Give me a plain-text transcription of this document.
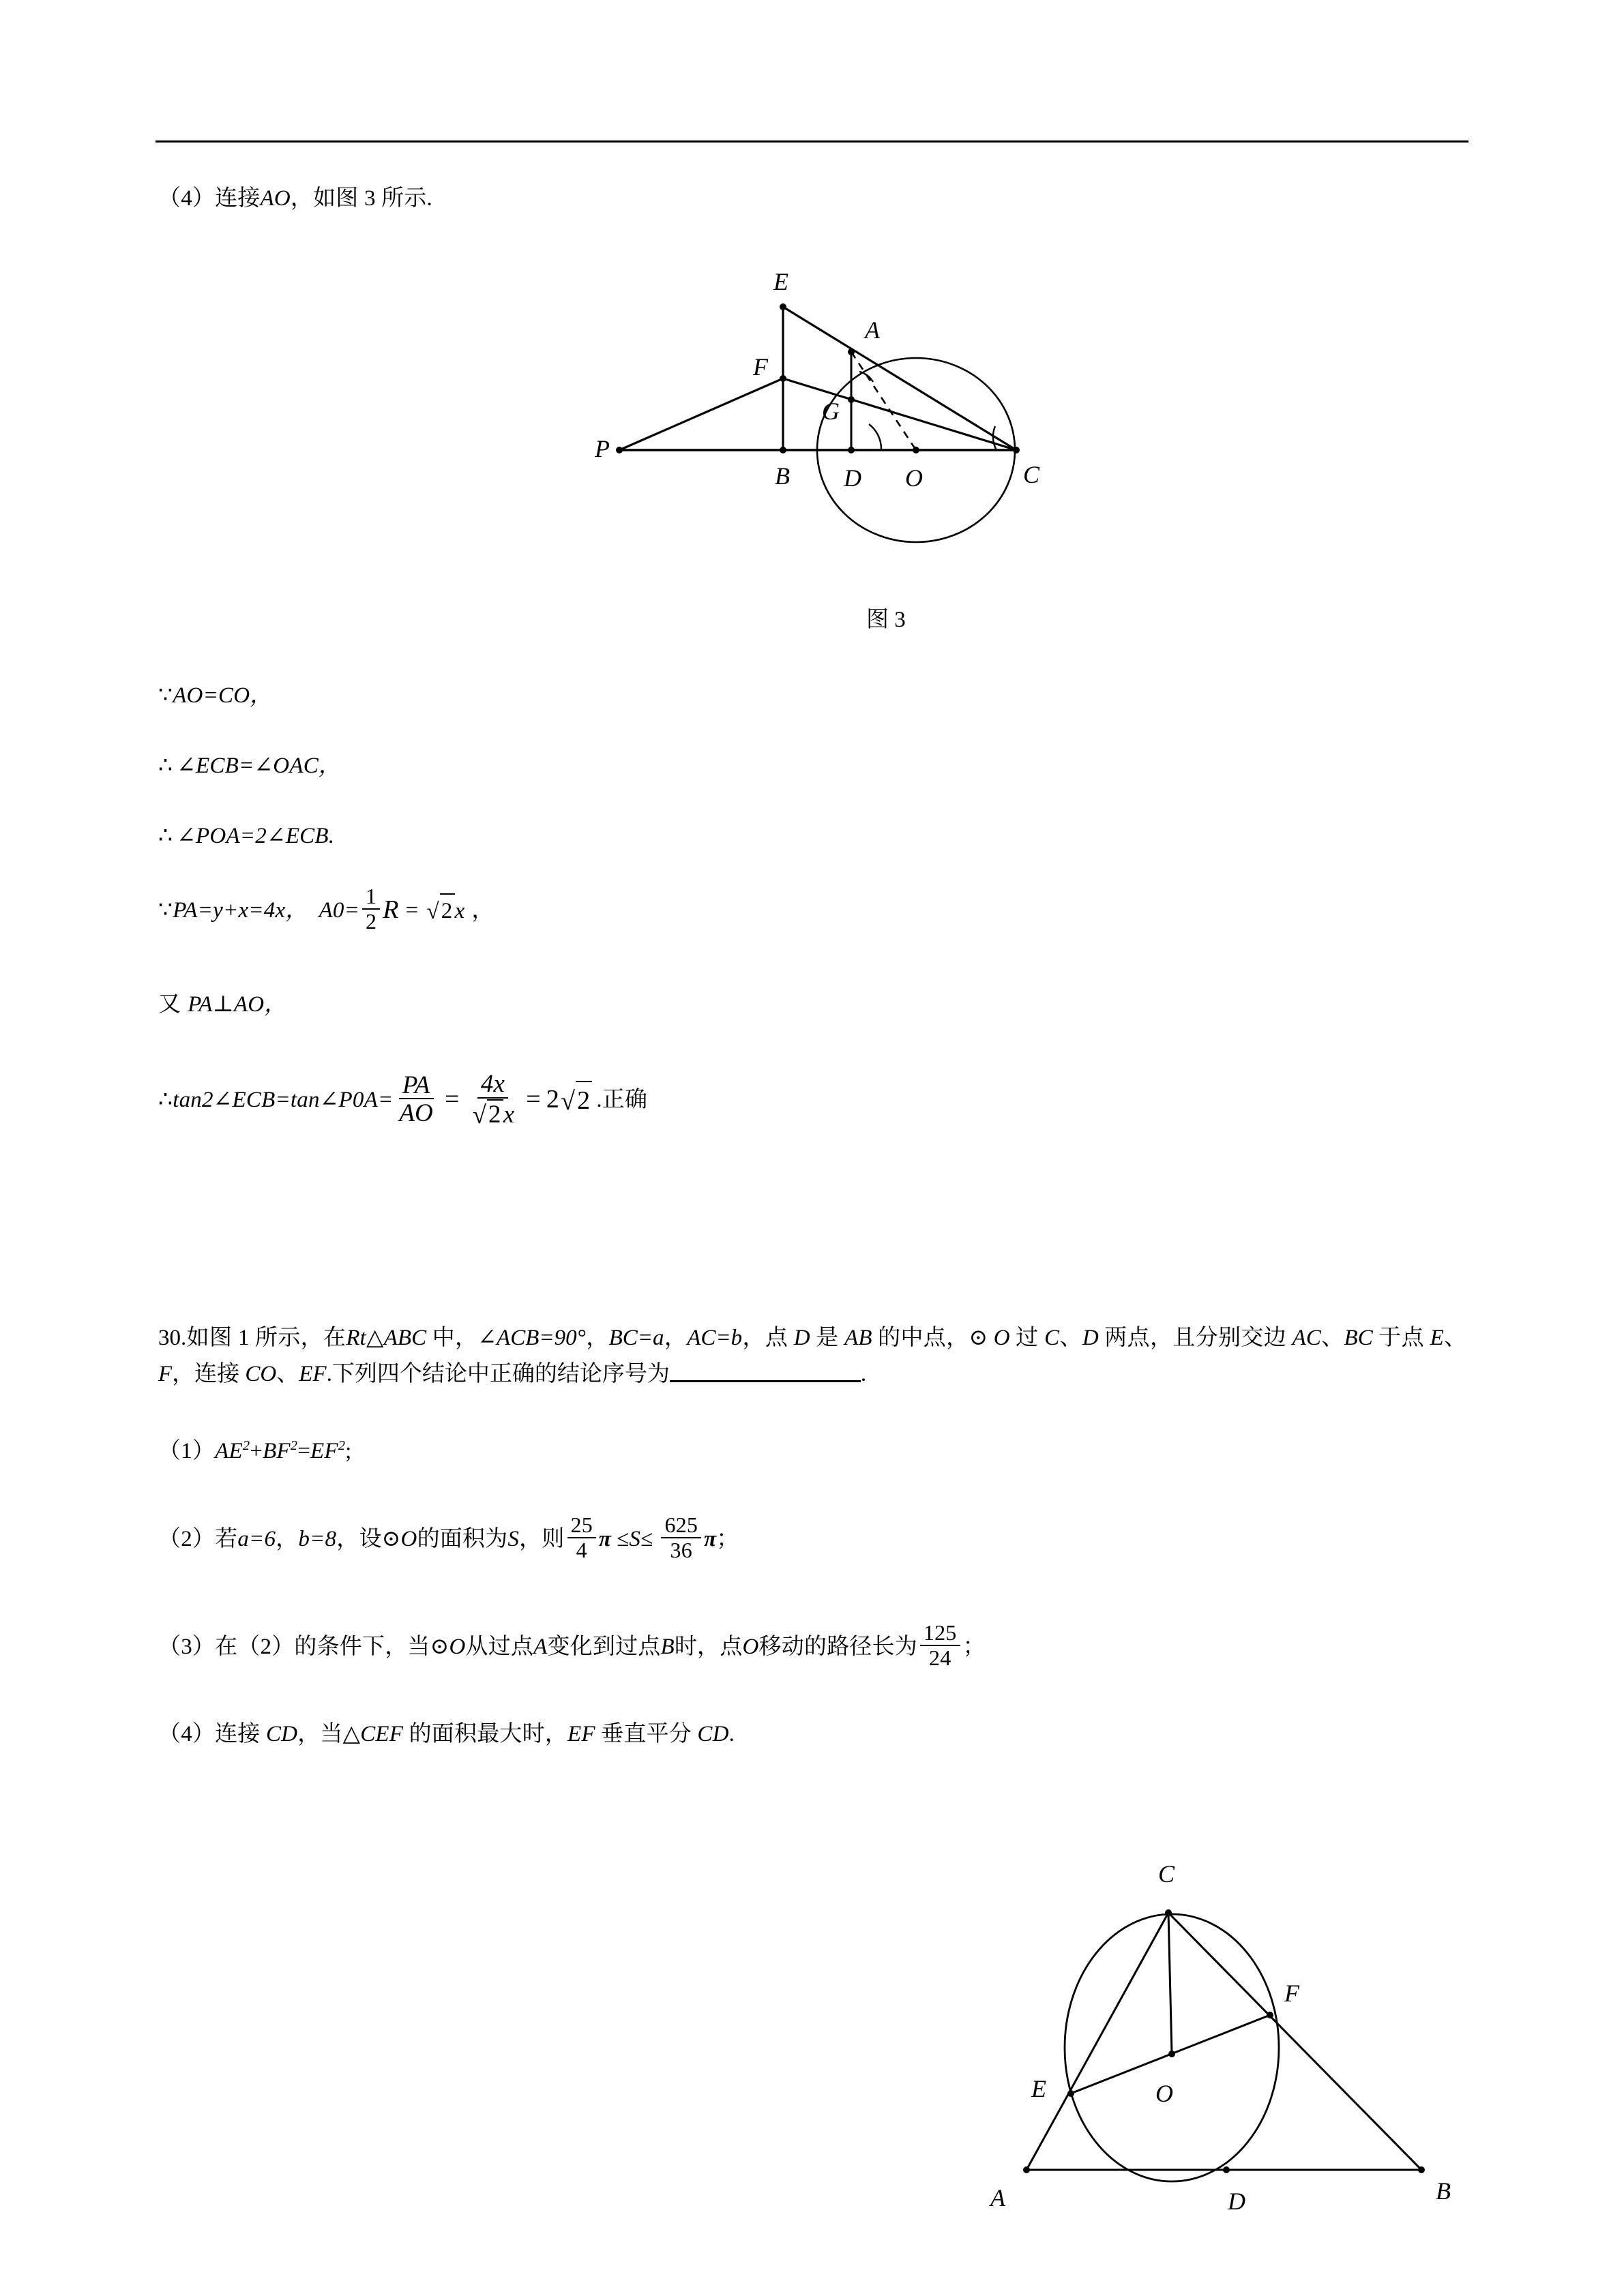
（4）连接AO，如图 3 所示.
E
A
F
G
P
B D O	C
图 3
∵AO=CO，
∴ ∠ECB=∠OAC，
∴ ∠POA=2∠ECB.
∵ PA=y+x=4x， $A0= \frac{1}{2}$ R = √2x ，
又 PA⊥AO，
∴ tan2∠ECB=tan∠P0A= $\frac{PA}{AO} = \frac{4x}{√2x} = 2$ √2 .正确
30.如图 1 所示，在Rt△ABC 中，∠ACB=90°，BC=a，AC=b，点 D 是 AB 的中点，⊙ O 过 C、D 两点，且分别交边 AC、BC 于点 E、F，连接 CO、EF.下列四个结论中正确的结论序号为	.
$(1)AE^2+BF^2=EF^2$;
（2） 若 a=6 ， b=8 ，设⊙ O 的面积为 S ，则 $\frac{25}{4}$ $\pi \le S\le \frac{625}{36}$ π ；
（3） 在（2）的条件下，当⊙ O 从过点 A 变化到过点 B 时，点 O 移动的路径长为 $\frac{125}{24}$ ；
（4）连接 CD，当△CEF 的面积最大时，EF 垂直平分 CD.
C
F
E	O
A	D	B
